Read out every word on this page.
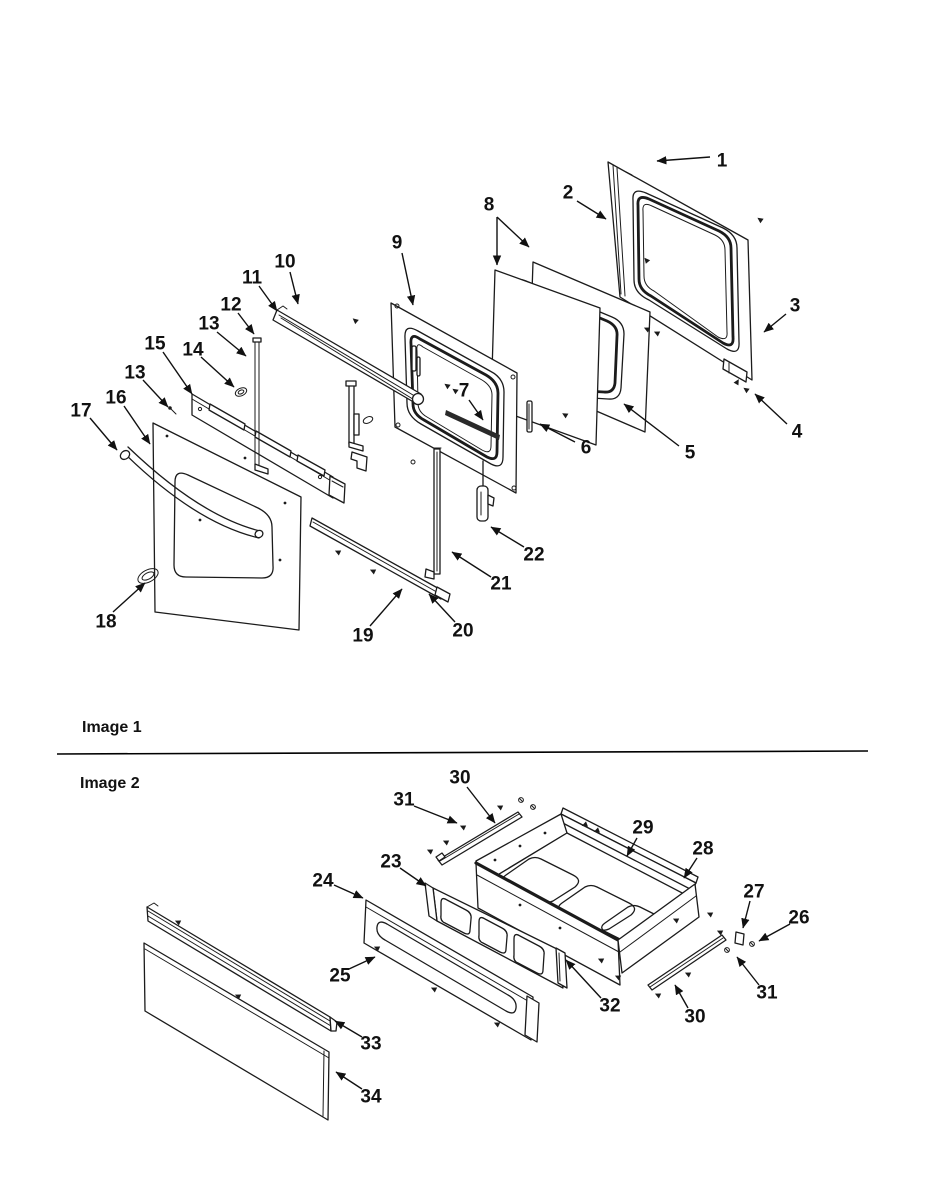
Image 1
Image 2
1
2
3
4
5
6
7
8
9
10
11
12
13
14
15
13
16
17
18
19	20
21
22
30
31
29
28
23
24
25
32
27
26
31
30
33
34
